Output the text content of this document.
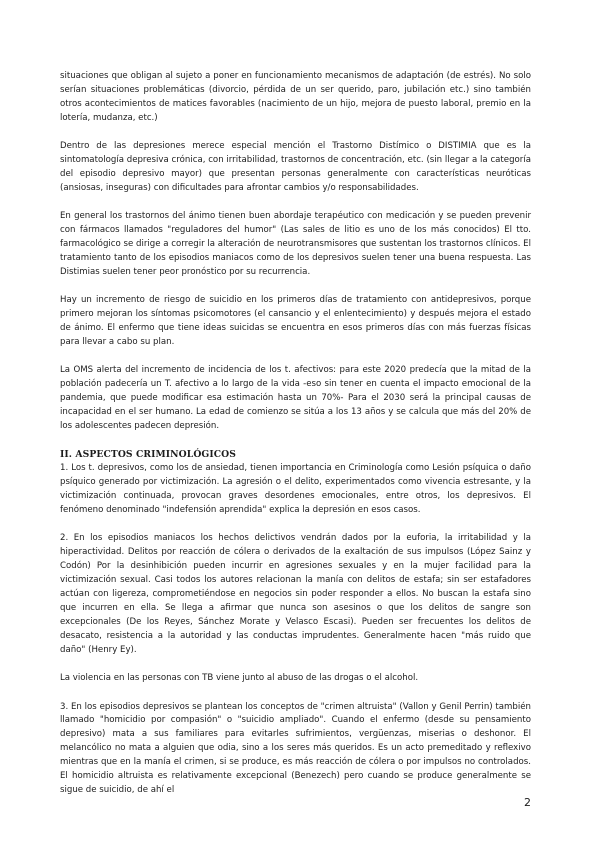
situaciones que obligan al sujeto a poner en funcionamiento mecanismos de adaptación (de estrés). No solo serían situaciones problemáticas (divorcio, pérdida de un ser querido, paro, jubilación etc.) sino también otros acontecimientos de matices favorables (nacimiento de un hijo, mejora de puesto laboral, premio en la lotería, mudanza, etc.)

Dentro de las depresiones merece especial mención el Trastorno Distímico o DISTIMIA que es la sintomatología depresiva crónica, con irritabilidad, trastornos de concentración, etc. (sin llegar a la categoría del episodio depresivo mayor) que presentan personas generalmente con características neuróticas (ansiosas, inseguras) con dificultades para afrontar cambios y/o responsabilidades.

En general los trastornos del ánimo tienen buen abordaje terapéutico con medicación y se pueden prevenir con fármacos llamados "reguladores del humor" (Las sales de litio es uno de los más conocidos) El tto. farmacológico se dirige a corregir la alteración de neurotransmisores que sustentan los trastornos clínicos. El tratamiento tanto de los episodios maniacos como de los depresivos suelen tener una buena respuesta. Las Distimias suelen tener peor pronóstico por su recurrencia.

Hay un incremento de riesgo de suicidio en los primeros días de tratamiento con antidepresivos, porque primero mejoran los síntomas psicomotores (el cansancio y el enlentecimiento) y después mejora el estado de ánimo. El enfermo que tiene ideas suicidas se encuentra en esos primeros días con más fuerzas físicas para llevar a cabo su plan.

La OMS alerta del incremento de incidencia de los t. afectivos: para este 2020 predecía que la mitad de la población padecería un T. afectivo a lo largo de la vida -eso sin tener en cuenta el impacto emocional de la pandemia, que puede modificar esa estimación hasta un 70%- Para el 2030 será la principal causas de incapacidad en el ser humano. La edad de comienzo se sitúa a los 13 años y se calcula que más del 20% de los adolescentes padecen depresión.

II. ASPECTOS CRIMINOLÓGICOS

1. Los t. depresivos, como los de ansiedad, tienen importancia en Criminología como Lesión psíquica o daño psíquico generado por victimización. La agresión o el delito, experimentados como vivencia estresante, y la victimización continuada, provocan graves desordenes emocionales, entre otros, los depresivos. El fenómeno denominado "indefensión aprendida" explica la depresión en esos casos.

2. En los episodios maniacos los hechos delictivos vendrán dados por la euforia, la irritabilidad y la hiperactividad. Delitos por reacción de cólera o derivados de la exaltación de sus impulsos (López Sainz y Codón) Por la desinhibición pueden incurrir en agresiones sexuales y en la mujer facilidad para la victimización sexual. Casi todos los autores relacionan la manía con delitos de estafa; sin ser estafadores actúan con ligereza, comprometiéndose en negocios sin poder responder a ellos. No buscan la estafa sino que incurren en ella. Se llega a afirmar que nunca son asesinos o que los delitos de sangre son excepcionales (De los Reyes, Sánchez Morate y Velasco Escasi). Pueden ser frecuentes los delitos de desacato, resistencia a la autoridad y las conductas imprudentes. Generalmente hacen "más ruido que daño" (Henry Ey).

La violencia en las personas con TB viene junto al abuso de las drogas o el alcohol.

3. En los episodios depresivos se plantean los conceptos de "crimen altruista" (Vallon y Genil Perrin) también llamado "homicidio por compasión" o "suicidio ampliado". Cuando el enfermo (desde su pensamiento depresivo) mata a sus familiares para evitarles sufrimientos, vergüenzas, miserias o deshonor. El melancólico no mata a alguien que odia, sino a los seres más queridos. Es un acto premeditado y reflexivo mientras que en la manía el crimen, si se produce, es más reacción de cólera o por impulsos no controlados. El homicidio altruista es relativamente excepcional (Benezech) pero cuando se produce generalmente se sigue de suicidio, de ahí el

2
